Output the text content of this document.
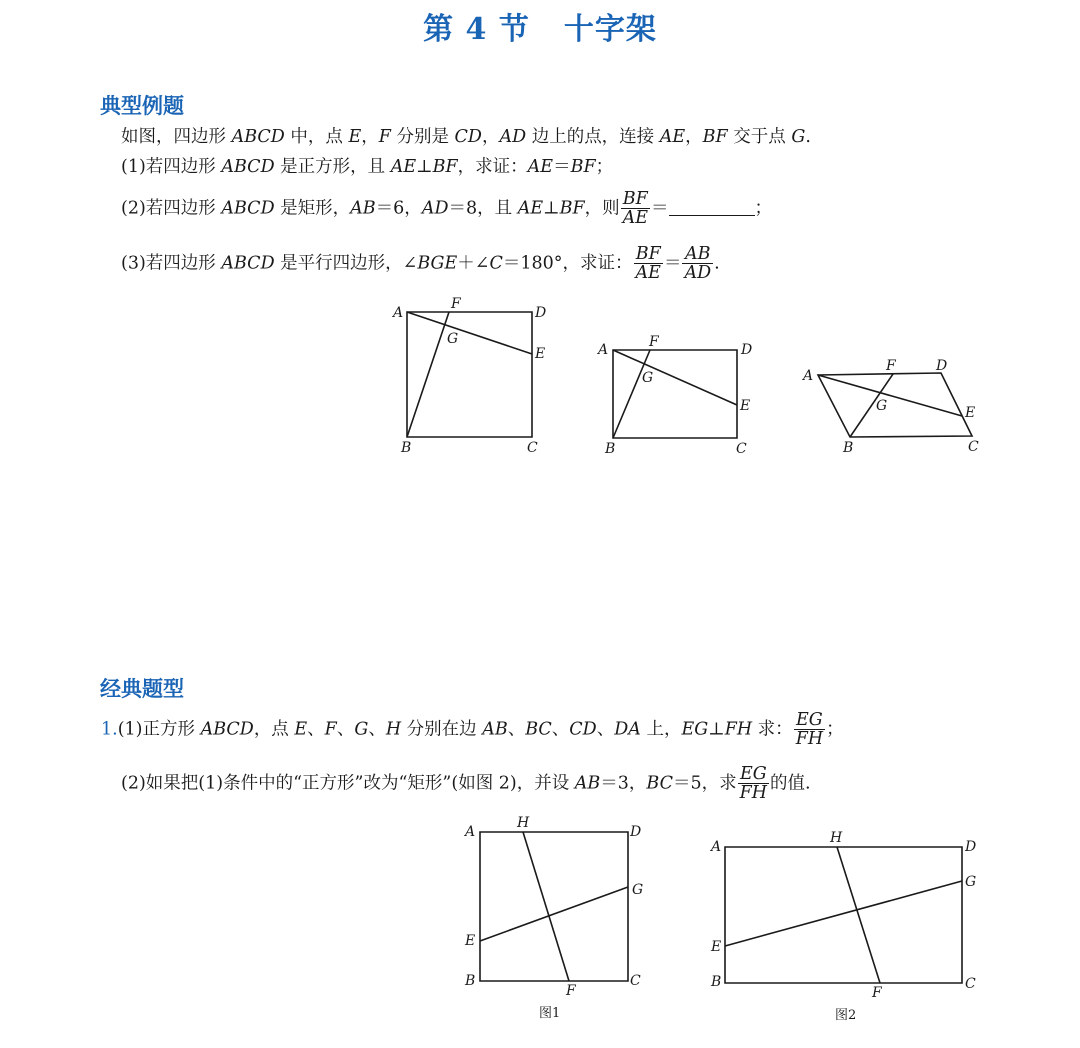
第 4 节 十字架
典型例题
如图，四边形 ABCD 中，点 E，F 分别是 CD，AD 边上的点，连接 AE，BF 交于点 G.
(1)若四边形 ABCD 是正方形，且 AE⊥BF，求证：AE＝BF；
(2)若四边形 ABCD 是矩形，AB＝6，AD＝8，且 AE⊥BF，则 $\frac{BF}{AE}$ ＝	；
(3)若四边形 ABCD 是平行四边形，∠BGE＋∠C＝180°，求证： $\frac{BF}{AE} = \frac{AB}{AD}$ .
A	D
F
G
E
B	C
A	D
F
G
E
B	C
A
D
F
G	E
B	C
经典题型
1.(1)正方形 ABCD，点 E、F、G、H 分别在边 AB、BC、CD、DA 上，EG⊥FH 求： $\frac{EG}{FH}$ ；
(2)如果把(1)条件中的“正方形”改为“矩形”(如图 2)，并设 AB＝3，BC＝5，求 $\frac{EG}{FH}$ 的值.
A
H
D
G
E
B
F
C
图1
A
H
D
G
E
B
F
C
图2
